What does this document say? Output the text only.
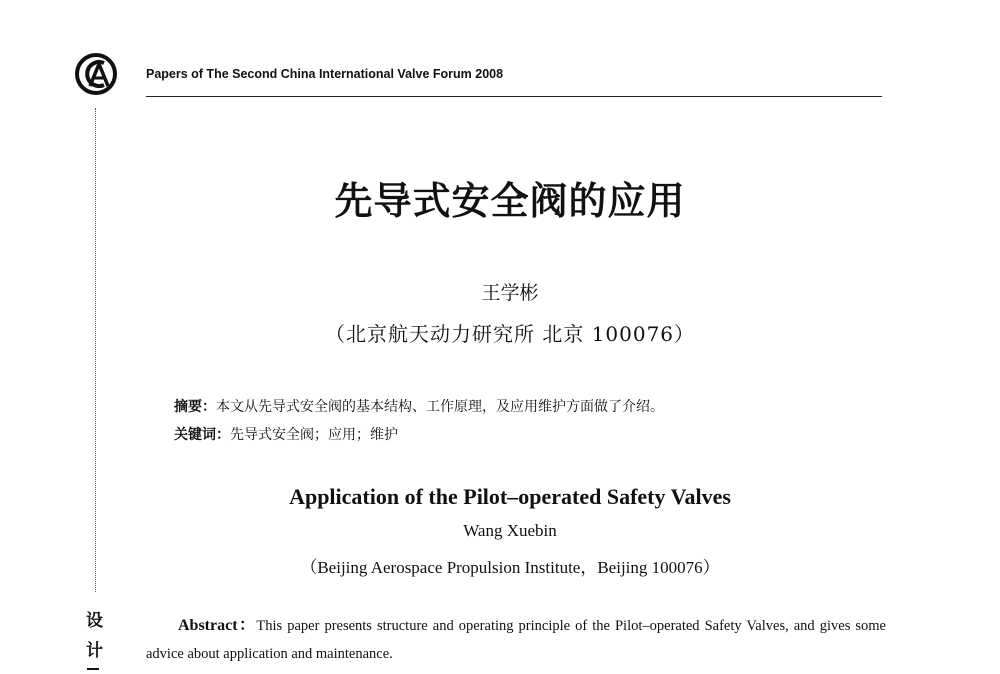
Papers of The Second China International Valve Forum 2008
设
计
先导式安全阀的应用
王学彬
（北京航天动力研究所 北京 100076）
摘要：本文从先导式安全阀的基本结构、工作原理，及应用维护方面做了介绍。
关键词：先导式安全阀；应用；维护
Application of the Pilot–operated Safety Valves
Wang Xuebin
（Beijing Aerospace Propulsion Institute，Beijing 100076）
Abstract：This paper presents structure and operating principle of the Pilot–operated Safety Valves, and gives some advice about application and maintenance.
